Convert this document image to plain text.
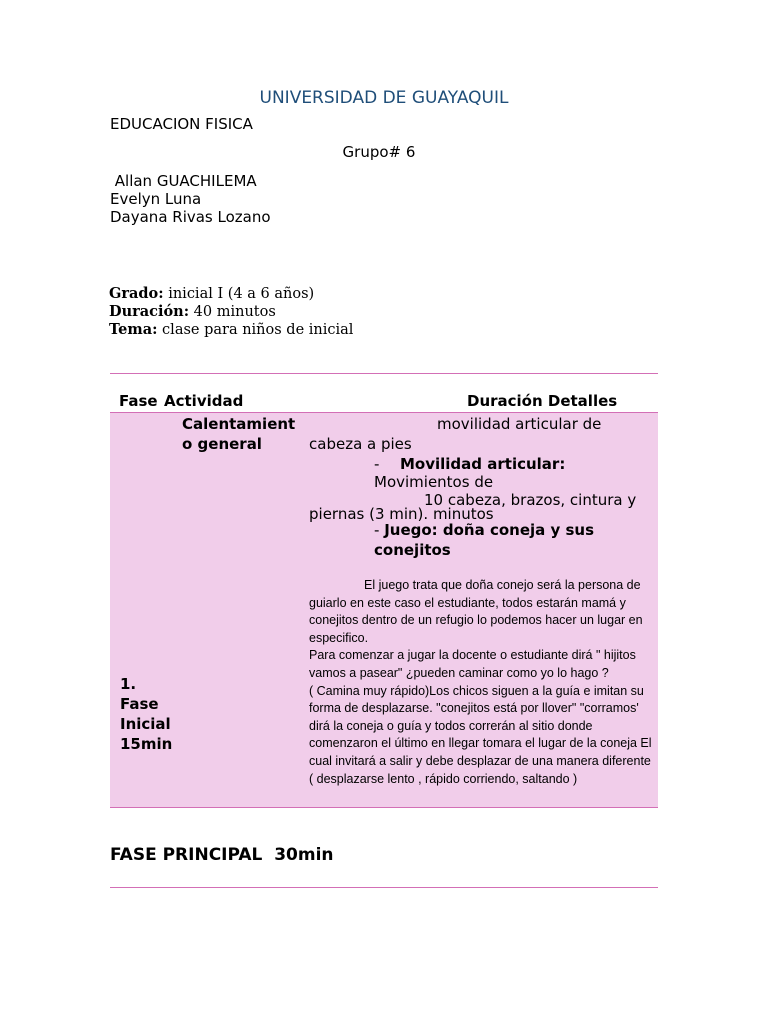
UNIVERSIDAD DE GUAYAQUIL
EDUCACION FISICA
Grupo# 6
Allan GUACHILEMA
Evelyn Luna
Dayana Rivas Lozano
Grado: inicial I (4 a 6 años)
Duración: 40 minutos
Tema: clase para niños de inicial
Fase Actividad	Duración Detalles
Calentamient
o general
1.
Fase
Inicial
15min
movilidad articular de
cabeza a pies
- Movilidad articular:
Movimientos de
10 cabeza, brazos, cintura y
piernas (3 min). minutos
- Juego: doña coneja y sus
conejitos

El juego trata que doña conejo será la persona de guiarlo en este caso el estudiante, todos estarán mamá y conejitos dentro de un refugio lo podemos hacer un lugar en especifico.

Para comenzar a jugar la docente o estudiante dirá " hijitos vamos a pasear" ¿pueden caminar como yo lo hago ?

( Camina muy rápido)Los chicos siguen a la guía e imitan su forma de desplazarse. "conejitos está por llover" "corramos' dirá la coneja o guía y todos correrán al sitio donde comenzaron el último en llegar tomara el lugar de la coneja El cual invitará a salir y debe desplazar de una manera diferente ( desplazarse lento , rápido corriendo, saltando )

FASE PRINCIPAL  30min
